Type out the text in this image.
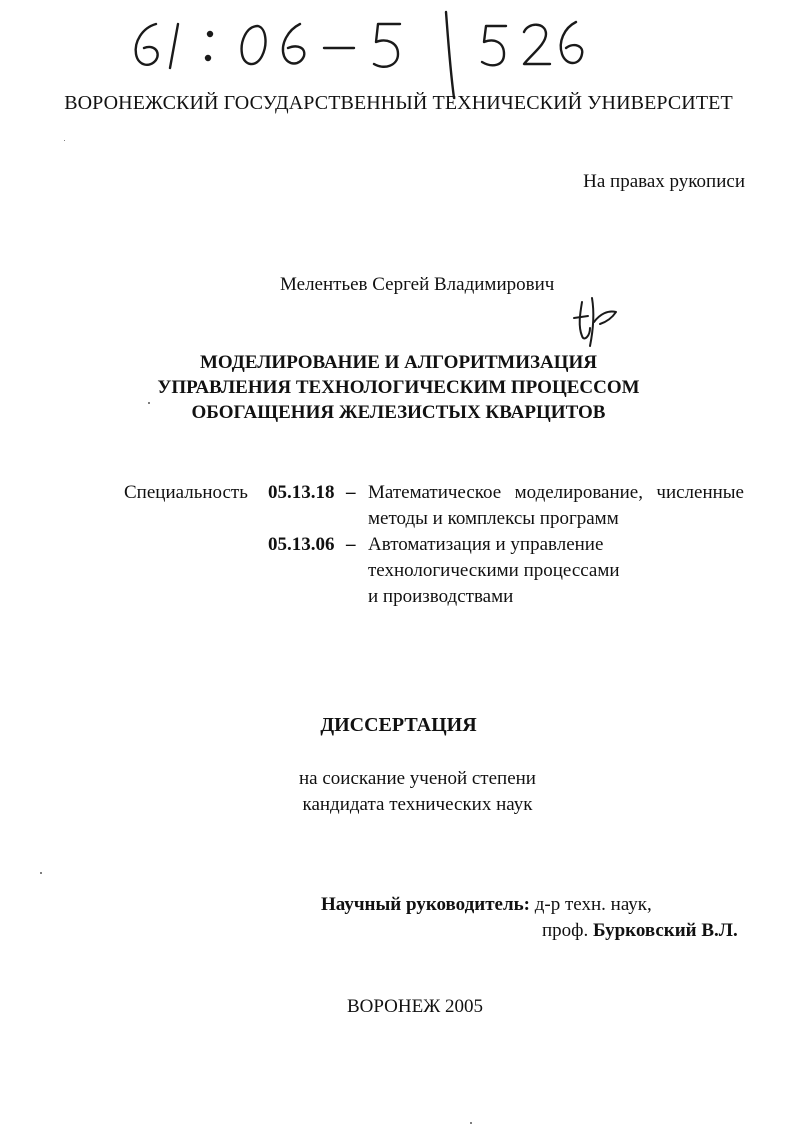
ВОРОНЕЖСКИЙ ГОСУДАРСТВЕННЫЙ ТЕХНИЧЕСКИЙ УНИВЕРСИТЕТ
На правах рукописи
Мелентьев Сергей Владимирович
МОДЕЛИРОВАНИЕ И АЛГОРИТМИЗАЦИЯ
УПРАВЛЕНИЯ ТЕХНОЛОГИЧЕСКИМ ПРОЦЕССОМ
ОБОГАЩЕНИЯ ЖЕЛЕЗИСТЫХ КВАРЦИТОВ
Специальность 05.13.18 – Математическое моделирование, численные
методы и комплексы программ
05.13.06 – Автоматизация и управление
технологическими процессами
и производствами
ДИССЕРТАЦИЯ
на соискание ученой степени
кандидата технических наук
Научный руководитель: д-р техн. наук,
проф. Бурковский В.Л.
ВОРОНЕЖ 2005
